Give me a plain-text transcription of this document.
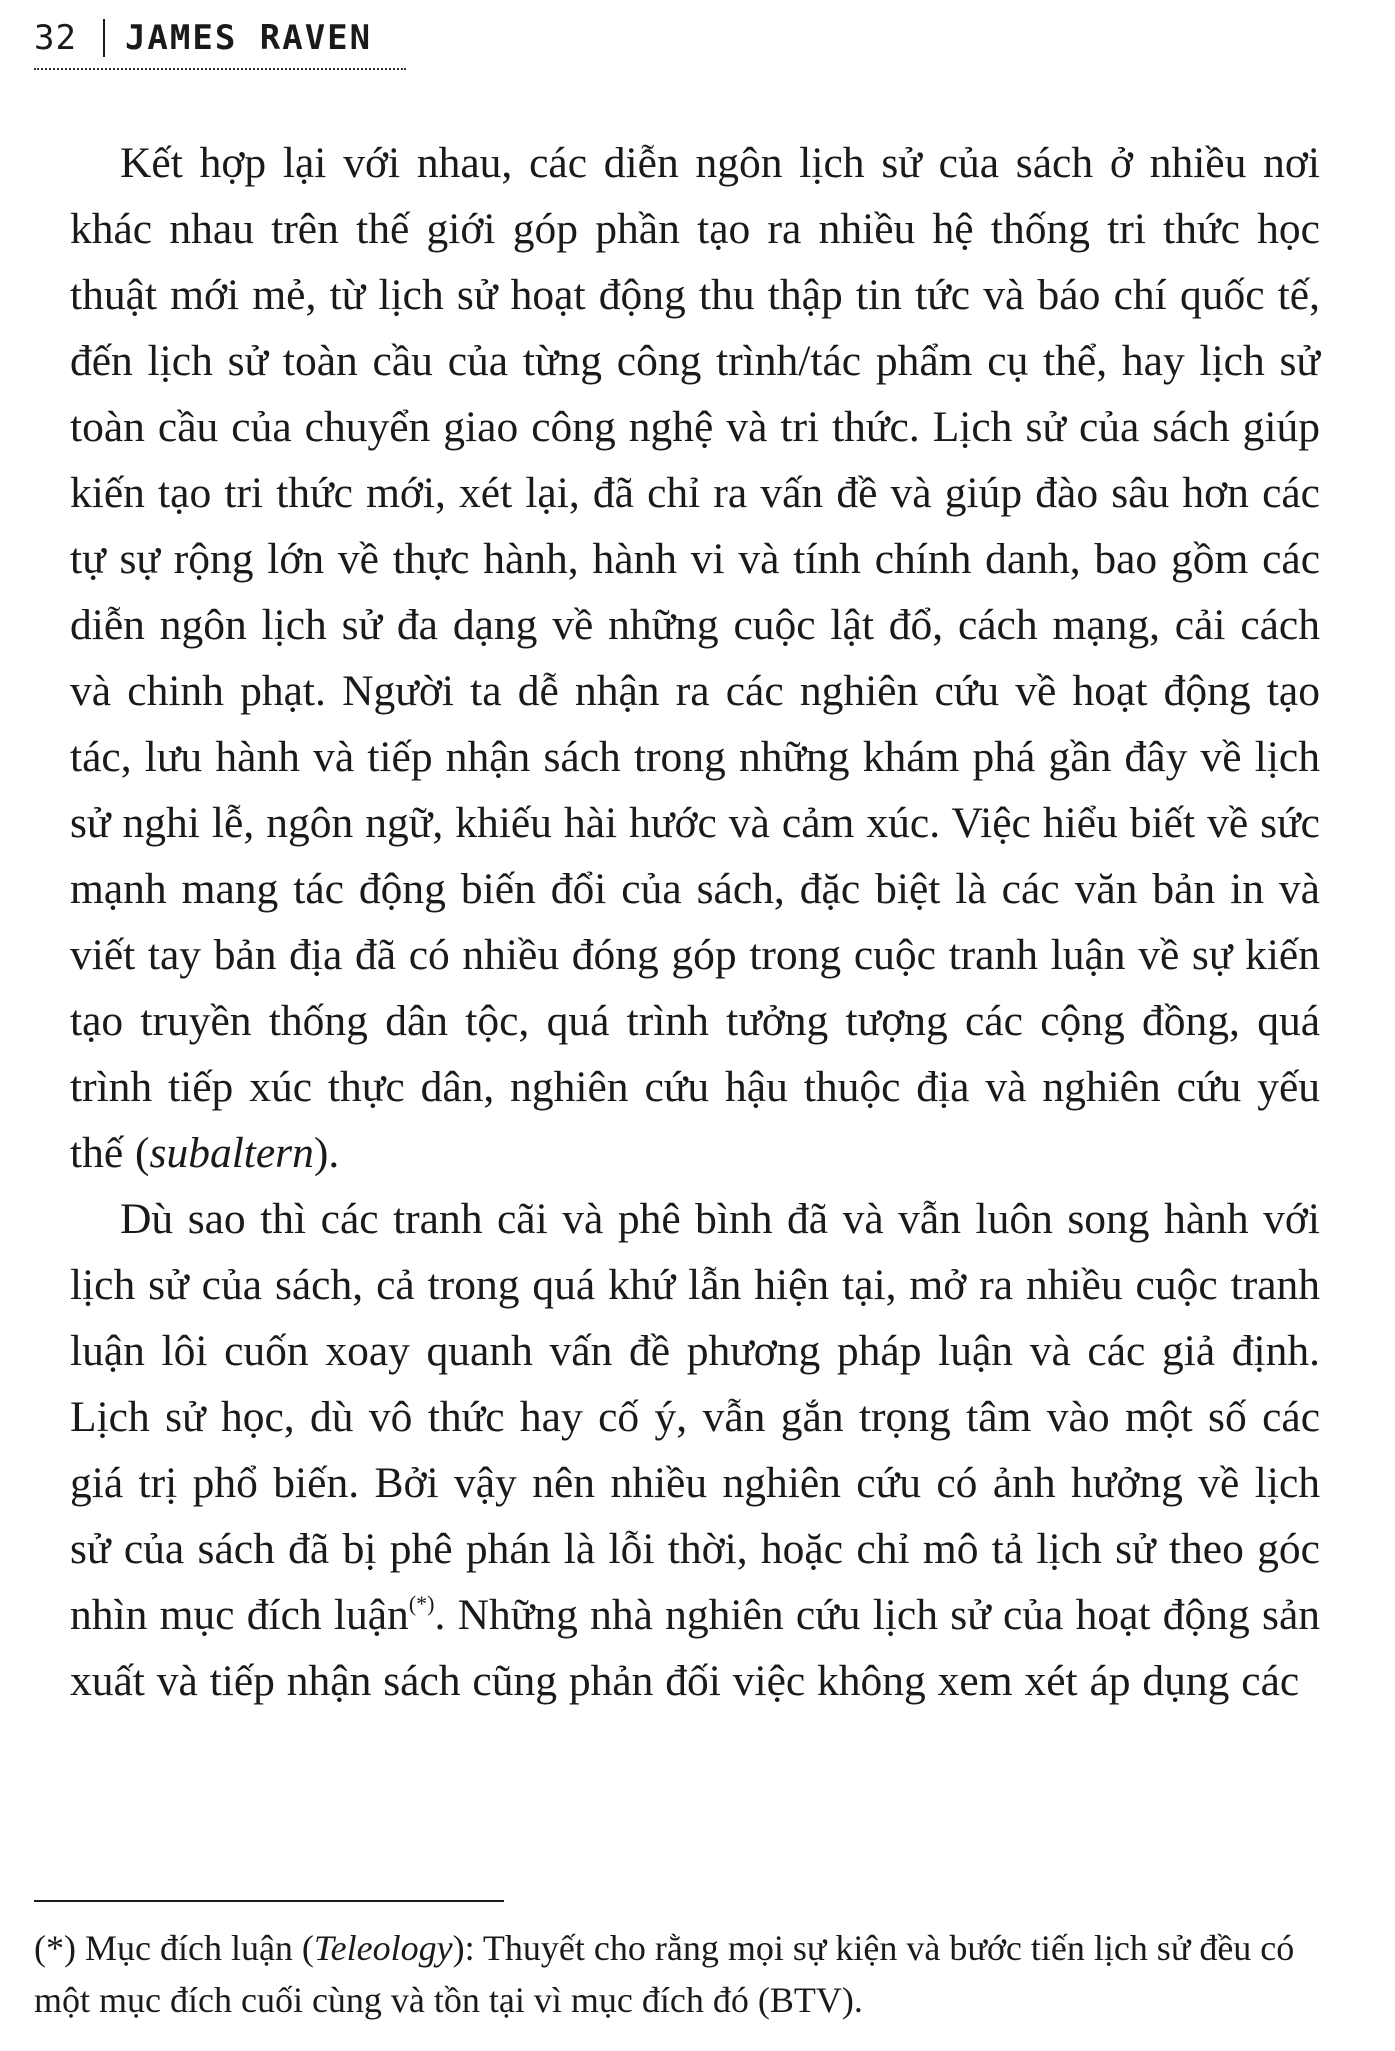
32 JAMES RAVEN

Kết hợp lại với nhau, các diễn ngôn lịch sử của sách ở nhiều nơi khác nhau trên thế giới góp phần tạo ra nhiều hệ thống tri thức học thuật mới mẻ, từ lịch sử hoạt động thu thập tin tức và báo chí quốc tế, đến lịch sử toàn cầu của từng công trình/tác phẩm cụ thể, hay lịch sử toàn cầu của chuyển giao công nghệ và tri thức. Lịch sử của sách giúp kiến tạo tri thức mới, xét lại, đã chỉ ra vấn đề và giúp đào sâu hơn các tự sự rộng lớn về thực hành, hành vi và tính chính danh, bao gồm các diễn ngôn lịch sử đa dạng về những cuộc lật đổ, cách mạng, cải cách và chinh phạt. Người ta dễ nhận ra các nghiên cứu về hoạt động tạo tác, lưu hành và tiếp nhận sách trong những khám phá gần đây về lịch sử nghi lễ, ngôn ngữ, khiếu hài hước và cảm xúc. Việc hiểu biết về sức mạnh mang tác động biến đổi của sách, đặc biệt là các văn bản in và viết tay bản địa đã có nhiều đóng góp trong cuộc tranh luận về sự kiến tạo truyền thống dân tộc, quá trình tưởng tượng các cộng đồng, quá trình tiếp xúc thực dân, nghiên cứu hậu thuộc địa và nghiên cứu yếu thế (subaltern).

Dù sao thì các tranh cãi và phê bình đã và vẫn luôn song hành với lịch sử của sách, cả trong quá khứ lẫn hiện tại, mở ra nhiều cuộc tranh luận lôi cuốn xoay quanh vấn đề phương pháp luận và các giả định. Lịch sử học, dù vô thức hay cố ý, vẫn gắn trọng tâm vào một số các giá trị phổ biến. Bởi vậy nên nhiều nghiên cứu có ảnh hưởng về lịch sử của sách đã bị phê phán là lỗi thời, hoặc chỉ mô tả lịch sử theo góc nhìn mục đích luận(*). Những nhà nghiên cứu lịch sử của hoạt động sản xuất và tiếp nhận sách cũng phản đối việc không xem xét áp dụng các

(*) Mục đích luận (Teleology): Thuyết cho rằng mọi sự kiện và bước tiến lịch sử đều có một mục đích cuối cùng và tồn tại vì mục đích đó (BTV).
